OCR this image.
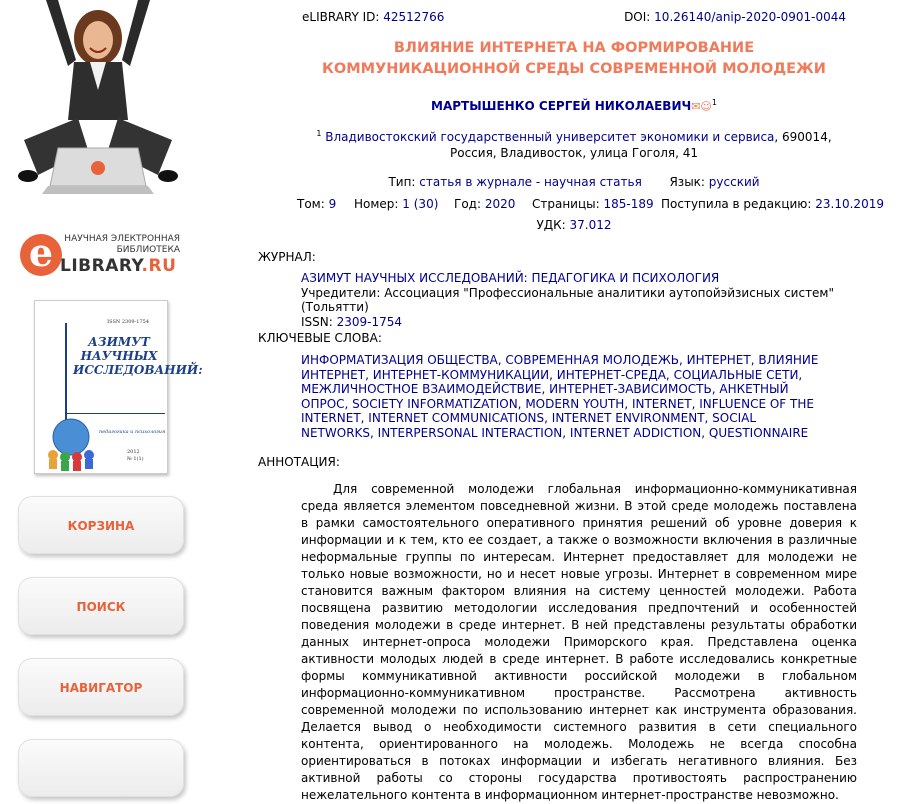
e	НАУЧНАЯ ЭЛЕКТРОННАЯ БИБЛИОТЕКА
LIBRARY.RU
ISSN 2309-1754
АЗИМУТ НАУЧНЫХ ИССЛЕДОВАНИЙ:
педагогика и психология
2012
№ 1(1)
КОРЗИНА
ПОИСК
НАВИГАТОР
eLIBRARY ID: 42512766	DOI: 10.26140/anip-2020-0901-0044
ВЛИЯНИЕ ИНТЕРНЕТА НА ФОРМИРОВАНИЕ КОММУНИКАЦИОННОЙ СРЕДЫ СОВРЕМЕННОЙ МОЛОДЕЖИ
МАРТЫШЕНКО СЕРГЕЙ НИКОЛАЕВИЧ✉☺$^1$
$^1$ Владивостокский государственный университет экономики и сервиса, 690014, Россия, Владивосток, улица Гоголя, 41
Тип: статья в журнале - научная статья Язык: русский
Том: 9 Номер: 1 (30) Год: 2020 Страницы: 185-189 Поступила в редакцию: 23.10.2019
УДК: 37.012
ЖУРНАЛ:
АЗИМУТ НАУЧНЫХ ИССЛЕДОВАНИЙ: ПЕДАГОГИКА И ПСИХОЛОГИЯ
Учредители: Ассоциация "Профессиональные аналитики аутопойэйзисных систем" (Тольятти)
ISSN: 2309-1754
КЛЮЧЕВЫЕ СЛОВА:
ИНФОРМАТИЗАЦИЯ ОБЩЕСТВА, СОВРЕМЕННАЯ МОЛОДЕЖЬ, ИНТЕРНЕТ, ВЛИЯНИЕ ИНТЕРНЕТ, ИНТЕРНЕТ-КОММУНИКАЦИИ, ИНТЕРНЕТ-СРЕДА, СОЦИАЛЬНЫЕ СЕТИ, МЕЖЛИЧНОСТНОЕ ВЗАИМОДЕЙСТВИЕ, ИНТЕРНЕТ-ЗАВИСИМОСТЬ, АНКЕТНЫЙ ОПРОС, SOCIETY INFORMATIZATION, MODERN YOUTH, INTERNET, INFLUENCE OF THE INTERNET, INTERNET COMMUNICATIONS, INTERNET ENVIRONMENT, SOCIAL NETWORKS, INTERPERSONAL INTERACTION, INTERNET ADDICTION, QUESTIONNAIRE
АННОТАЦИЯ:
Для современной молодежи глобальная информационно-коммуникативная среда является элементом повседневной жизни. В этой среде молодежь поставлена в рамки самостоятельного оперативного принятия решений об уровне доверия к информации и к тем, кто ее создает, а также о возможности включения в различные неформальные группы по интересам. Интернет предоставляет для молодежи не только новые возможности, но и несет новые угрозы. Интернет в современном мире становится важным фактором влияния на систему ценностей молодежи. Работа посвящена развитию методологии исследования предпочтений и особенностей поведения молодежи в среде интернет. В ней представлены результаты обработки данных интернет-опроса молодежи Приморского края. Представлена оценка активности молодых людей в среде интернет. В работе исследовались конкретные формы коммуникативной активности российской молодежи в глобальном информационно-коммуникативном пространстве. Рассмотрена активность современной молодежи по использованию интернет как инструмента образования. Делается вывод о необходимости системного развития в сети специального контента, ориентированного на молодежь. Молодежь не всегда способна ориентироваться в потоках информации и избегать негативного влияния. Без активной работы со стороны государства противостоять распространению нежелательного контента в информационном интернет-пространстве невозможно.
